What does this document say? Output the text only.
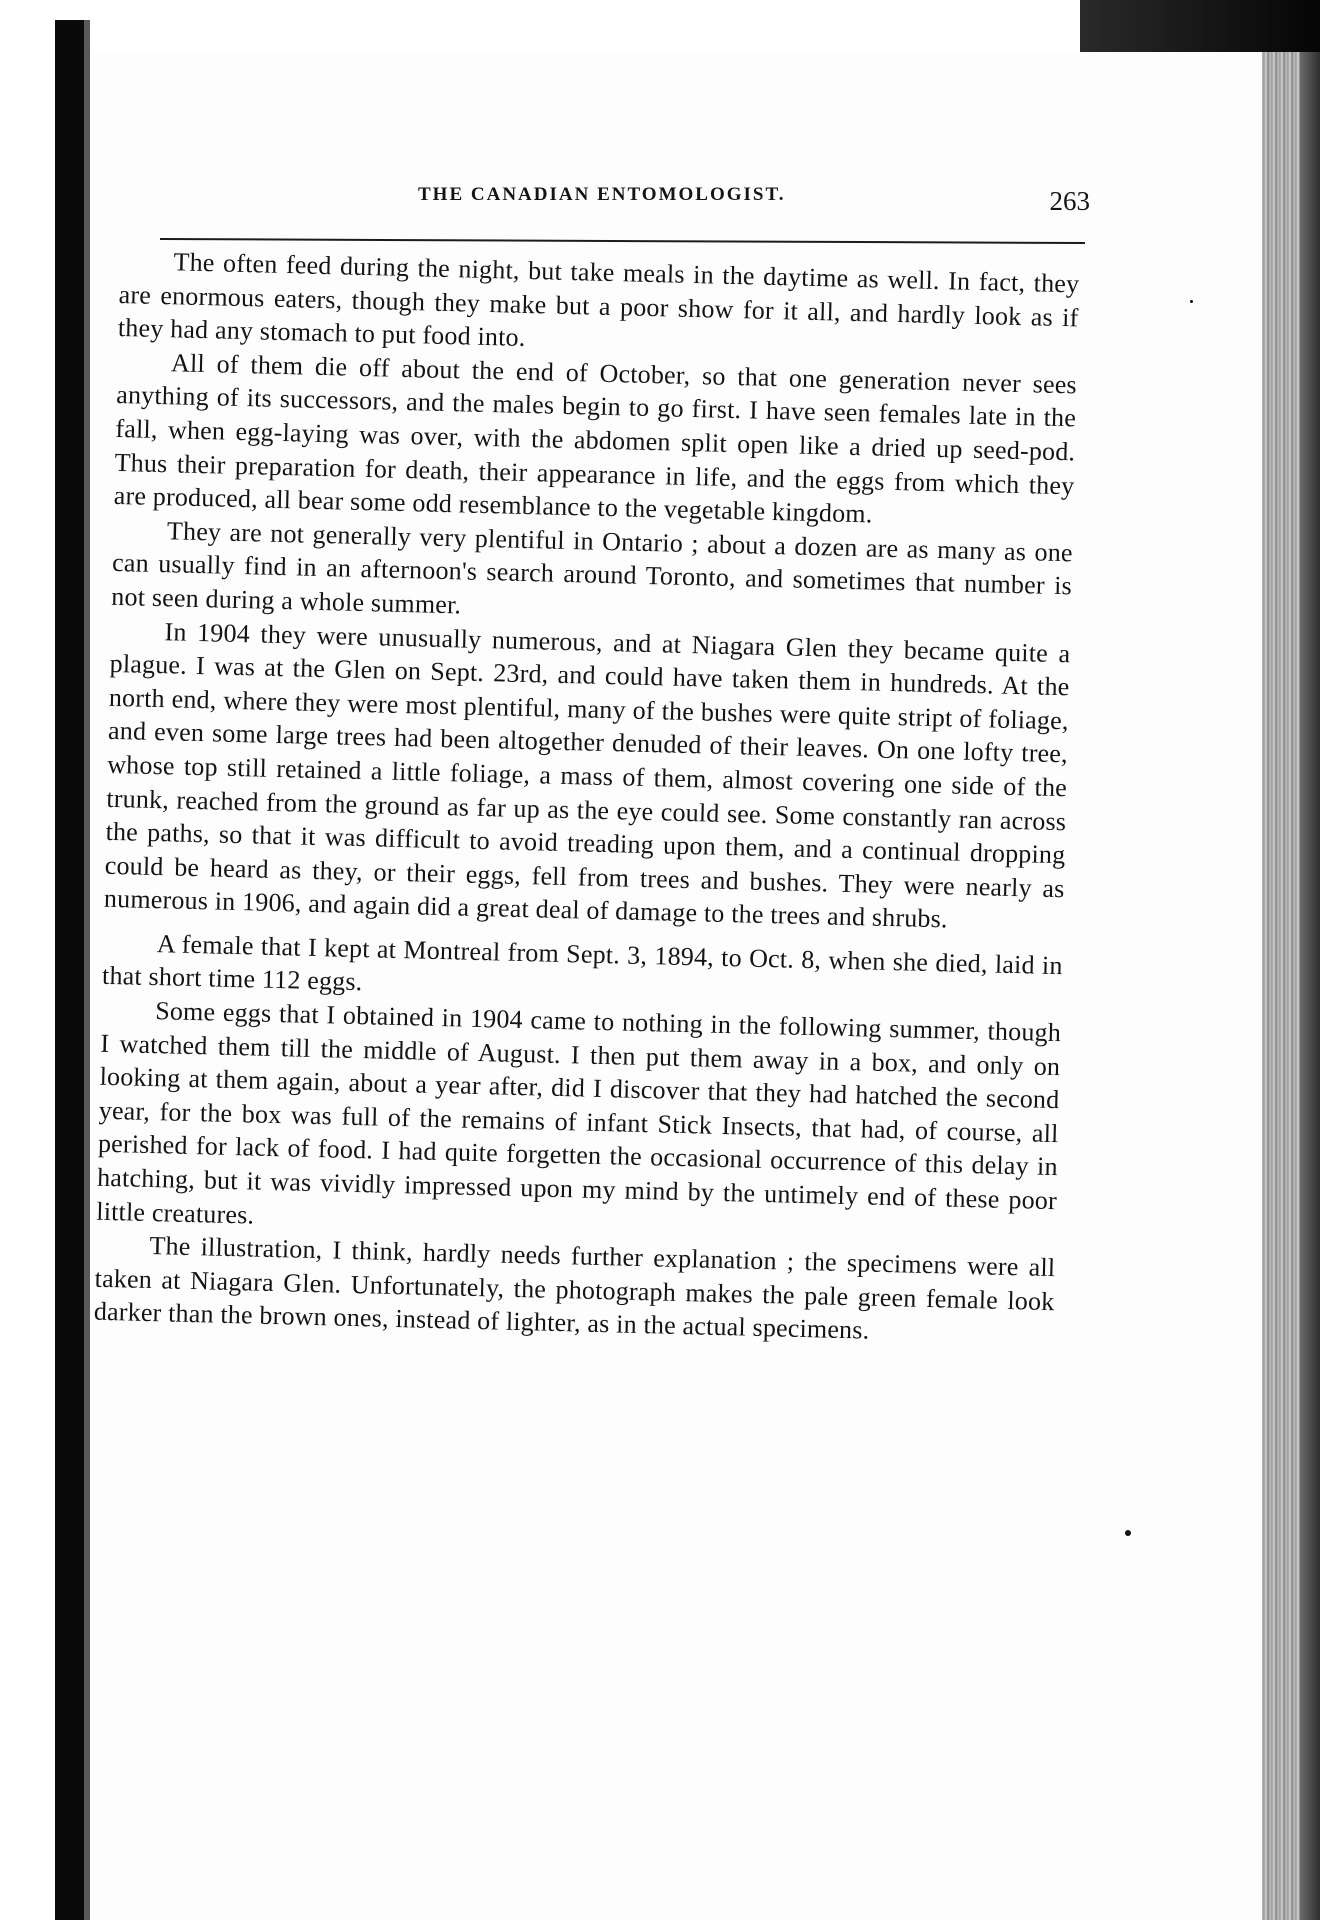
THE CANADIAN ENTOMOLOGIST.	263

The often feed during the night, but take meals in the daytime as well. In fact, they are enormous eaters, though they make but a poor show for it all, and hardly look as if they had any stomach to put food into.

All of them die off about the end of October, so that one generation never sees anything of its successors, and the males begin to go first. I have seen females late in the fall, when egg-laying was over, with the abdomen split open like a dried up seed-pod. Thus their preparation for death, their appearance in life, and the eggs from which they are produced, all bear some odd resemblance to the vegetable kingdom.

They are not generally very plentiful in Ontario ; about a dozen are as many as one can usually find in an afternoon's search around Toronto, and sometimes that number is not seen during a whole summer.

In 1904 they were unusually numerous, and at Niagara Glen they became quite a plague. I was at the Glen on Sept. 23rd, and could have taken them in hundreds. At the north end, where they were most plentiful, many of the bushes were quite stript of foliage, and even some large trees had been altogether denuded of their leaves. On one lofty tree, whose top still retained a little foliage, a mass of them, almost covering one side of the trunk, reached from the ground as far up as the eye could see. Some constantly ran across the paths, so that it was difficult to avoid treading upon them, and a continual dropping could be heard as they, or their eggs, fell from trees and bushes. They were nearly as numerous in 1906, and again did a great deal of damage to the trees and shrubs.

A female that I kept at Montreal from Sept. 3, 1894, to Oct. 8, when she died, laid in that short time 112 eggs.

Some eggs that I obtained in 1904 came to nothing in the following summer, though I watched them till the middle of August. I then put them away in a box, and only on looking at them again, about a year after, did I discover that they had hatched the second year, for the box was full of the remains of infant Stick Insects, that had, of course, all perished for lack of food. I had quite forgetten the occasional occurrence of this delay in hatching, but it was vividly impressed upon my mind by the untimely end of these poor little creatures.

The illustration, I think, hardly needs further explanation ; the specimens were all taken at Niagara Glen. Unfortunately, the photograph makes the pale green female look darker than the brown ones, instead of lighter, as in the actual specimens.
